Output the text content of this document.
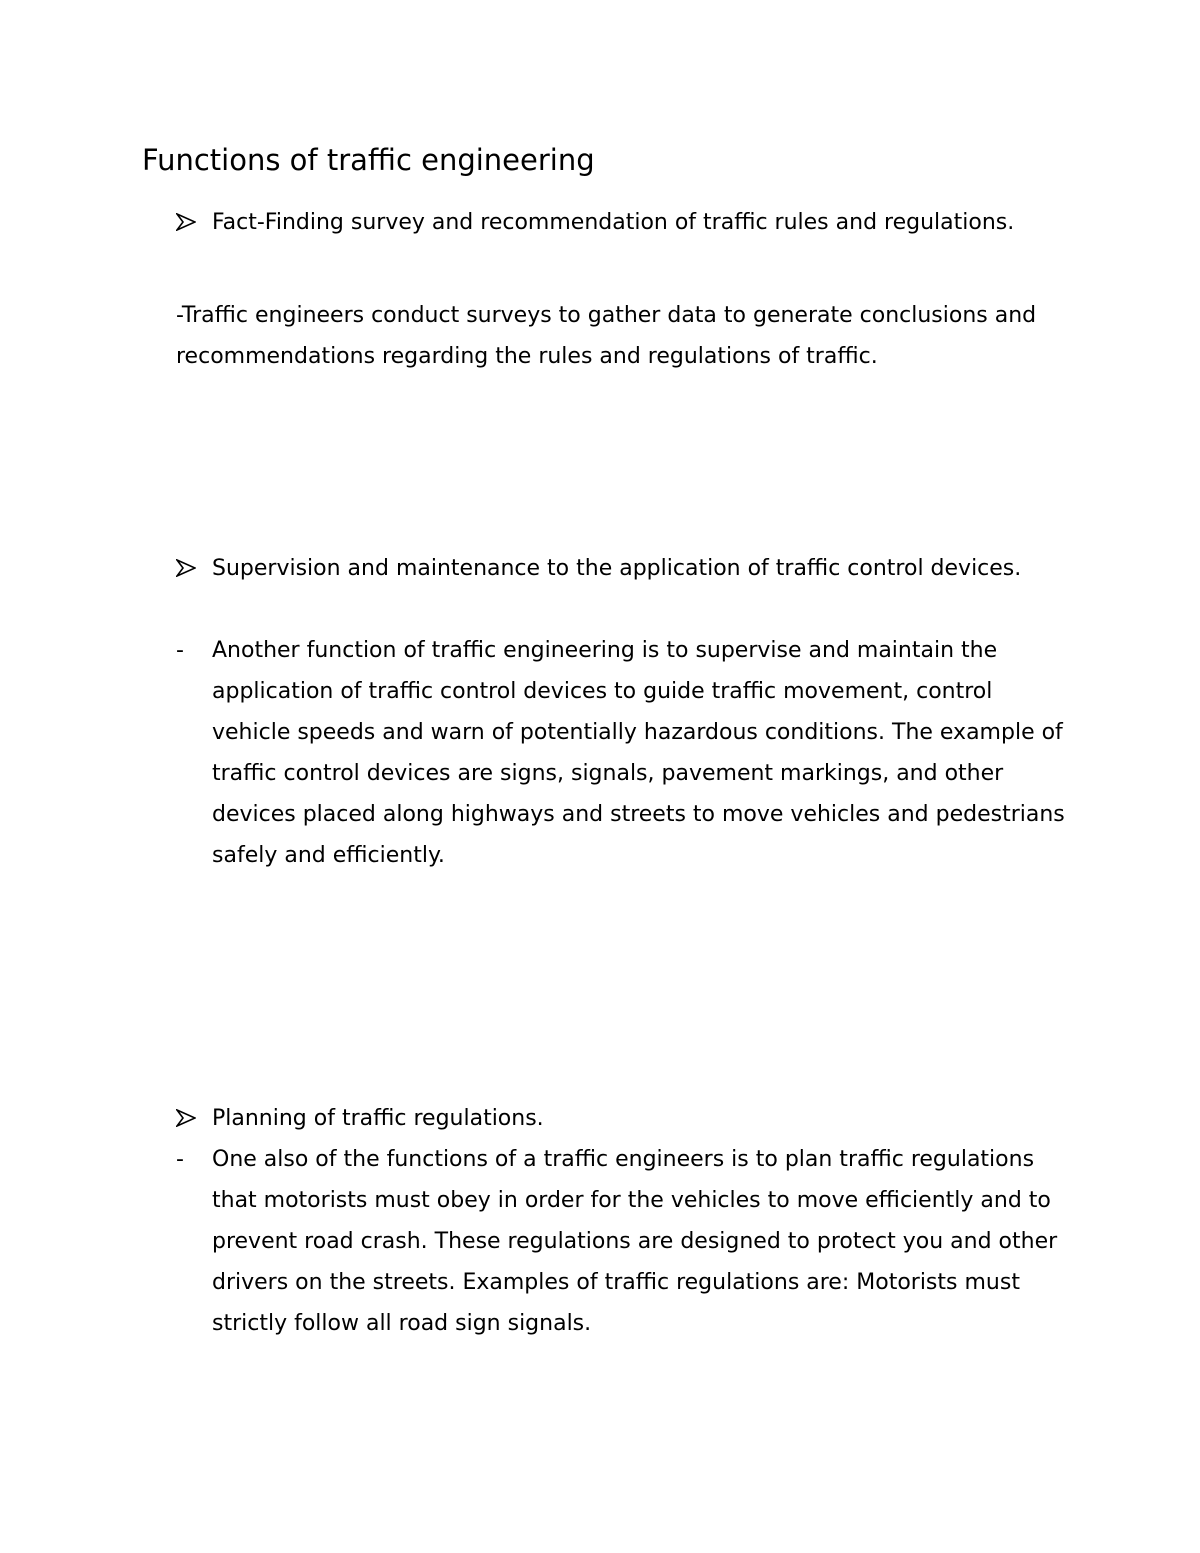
Functions of traffic engineering
Fact-Finding survey and recommendation of traffic rules and regulations.
-Traffic engineers conduct surveys to gather data to generate conclusions and recommendations regarding the rules and regulations of traffic.
Supervision and maintenance to the application of traffic control devices.
-	Another function of traffic engineering is to supervise and maintain the application of traffic control devices to guide traffic movement, control vehicle speeds and warn of potentially hazardous conditions. The example of traffic control devices are signs, signals, pavement markings, and other devices placed along highways and streets to move vehicles and pedestrians safely and efficiently.
Planning of traffic regulations.
-	One also of the functions of a traffic engineers is to plan traffic regulations that motorists must obey in order for the vehicles to move efficiently and to prevent road crash. These regulations are designed to protect you and other drivers on the streets. Examples of traffic regulations are: Motorists must strictly follow all road sign signals.
